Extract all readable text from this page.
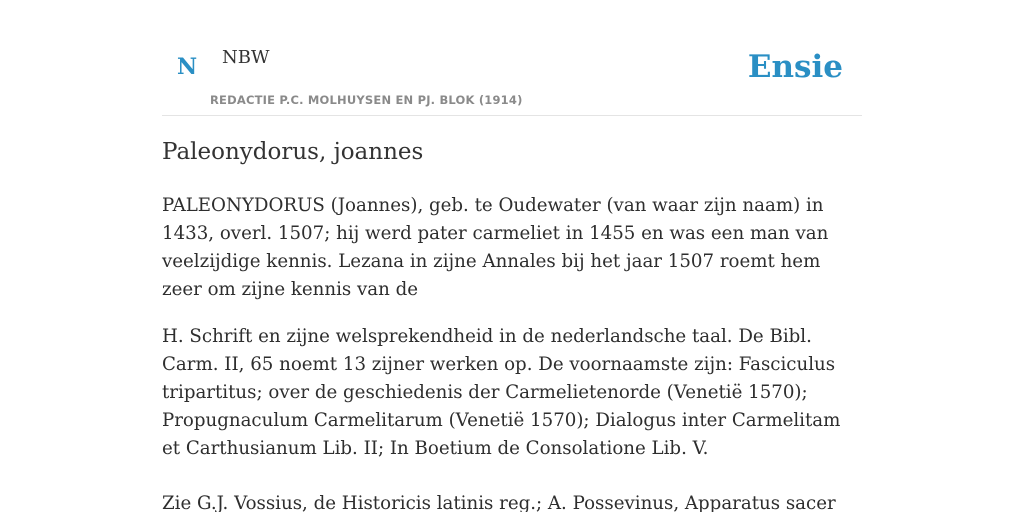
N NBW
REDACTIE P.C. MOLHUYSEN EN PJ. BLOK (1914)
Ensie
Paleonydorus, joannes

PALEONYDORUS (Joannes), geb. te Oudewater (van waar zijn naam) in 1433, overl. 1507; hij werd pater carmeliet in 1455 en was een man van veelzijdige kennis. Lezana in zijne Annales bij het jaar 1507 roemt hem zeer om zijne kennis van de

H. Schrift en zijne welsprekendheid in de nederlandsche taal. De Bibl. Carm. II, 65 noemt 13 zijner werken op. De voornaamste zijn: Fasciculus tripartitus; over de geschiedenis der Carmelietenorde (Venetië 1570); Propugnaculum Carmelitarum (Venetië 1570); Dialogus inter Carmelitam et Carthusianum Lib. II; In Boetium de Consolatione Lib. V.

Zie G.J. Vossius, de Historicis latinis reg.; A. Possevinus, Apparatus sacer
